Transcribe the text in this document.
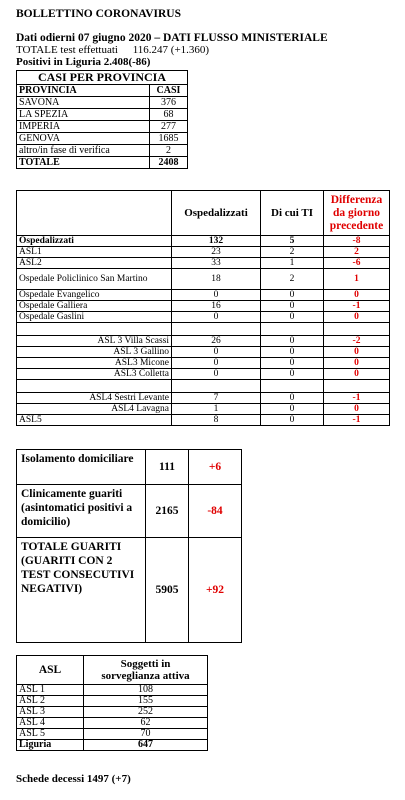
BOLLETTINO CORONAVIRUS
Dati odierni 07 giugno 2020 – DATI FLUSSO MINISTERIALE
TOTALE test effettuati 116.247 (+1.360)
Positivi in Liguria 2.408(-86)
CASI PER PROVINCIA	
PROVINCIA	CASI
SAVONA	376
LA SPEZIA	68
IMPERIA	277
GENOVA	1685
altro/in fase di verifica	2
TOTALE	2408
	Ospedalizzati	Di cui TI	Differenza da giorno precedente
Ospedalizzati	132	5	-8
ASL1	23	2	2
ASL2	33	1	-6
Ospedale Policlinico San Martino	18	2	1
Ospedale Evangelico	0	0	0
Ospedale Galliera	16	0	-1
Ospedale Gaslini	0	0	0

ASL 3 Villa Scassi	26	0	-2
ASL 3 Gallino	0	0	0
ASL3 Micone	0	0	0
ASL3 Colletta	0	0	0

ASL4 Sestri Levante	7	0	-1
ASL4 Lavagna	1	0	0
ASL5	8	0	-1
Isolamento domiciliare	111	+6
Clinicamente guariti (asintomatici positivi a domicilio)	2165	-84
TOTALE GUARITI (GUARITI CON 2 TEST CONSECUTIVI NEGATIVI)	5905	+92
ASL	Soggetti in sorveglianza attiva
ASL 1	108
ASL 2	155
ASL 3	252
ASL 4	62
ASL 5	70
Liguria	647
Schede decessi 1497 (+7)
